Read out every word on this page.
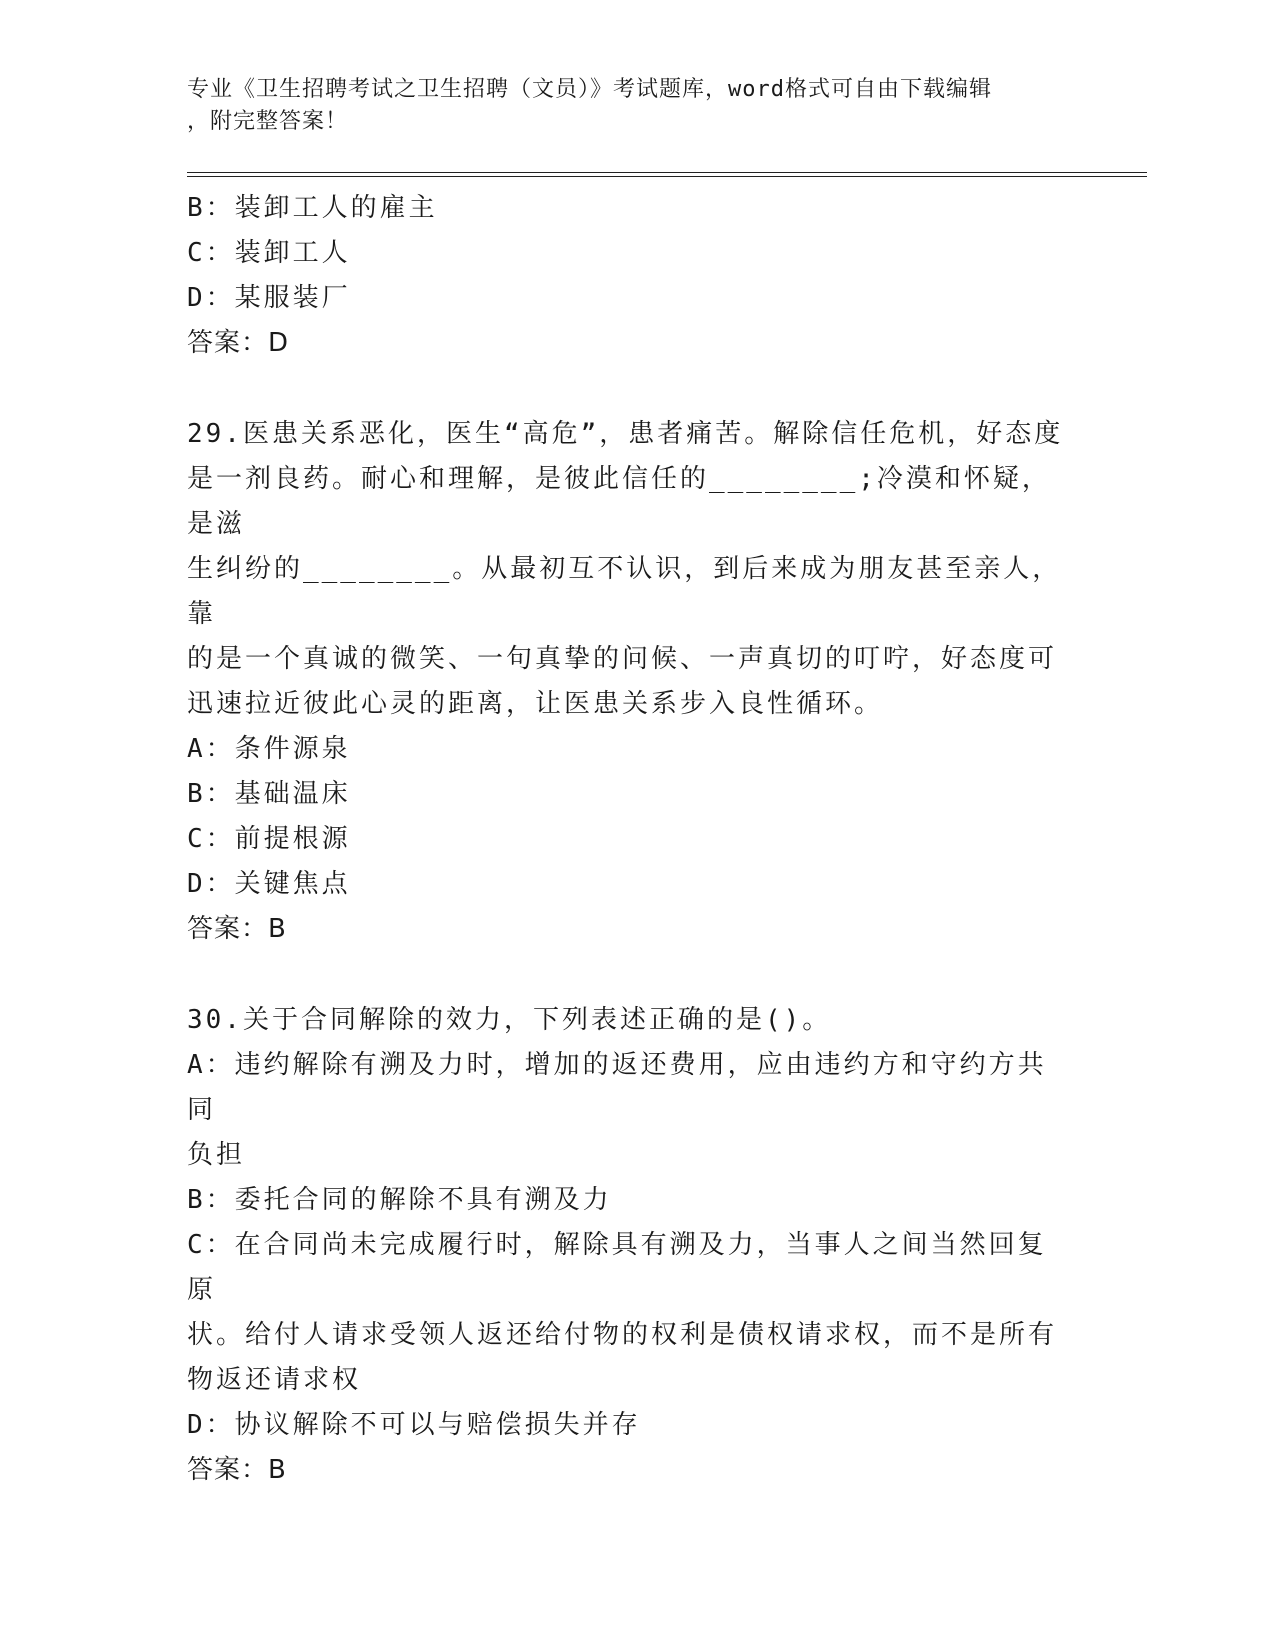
专业《卫生招聘考试之卫生招聘（文员）》考试题库，word格式可自由下载编辑
，附完整答案！

B：装卸工人的雇主

C：装卸工人

D：某服装厂

答案：D

29.医患关系恶化，医生“高危”，患者痛苦。解除信任危机，好态度

是一剂良药。耐心和理解，是彼此信任的________;冷漠和怀疑，是滋

生纠纷的________。从最初互不认识，到后来成为朋友甚至亲人，靠

的是一个真诚的微笑、一句真挚的问候、一声真切的叮咛，好态度可

迅速拉近彼此心灵的距离，让医患关系步入良性循环。

A：条件源泉

B：基础温床

C：前提根源

D：关键焦点

答案：B

30.关于合同解除的效力，下列表述正确的是()。

A：违约解除有溯及力时，增加的返还费用，应由违约方和守约方共同

负担

B：委托合同的解除不具有溯及力

C：在合同尚未完成履行时，解除具有溯及力，当事人之间当然回复原

状。给付人请求受领人返还给付物的权利是债权请求权，而不是所有

物返还请求权

D：协议解除不可以与赔偿损失并存

答案：B
